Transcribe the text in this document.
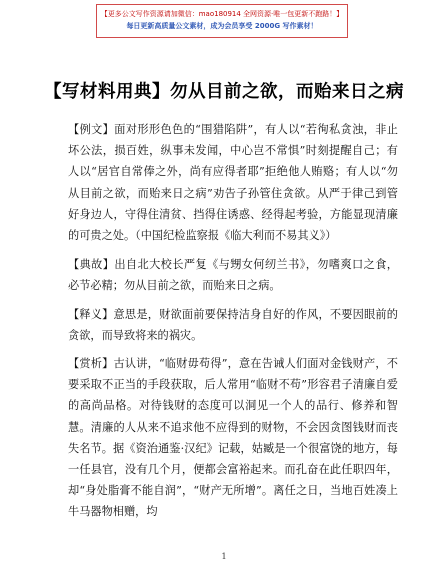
【更多公文写作资源请加微信：mao180914 全网资源·唯一包更新不跑路！】
每日更新高质量公文素材，成为会员享受 2000G 写作素材！
【写材料用典】勿从目前之欲，而贻来日之病

【例文】面对形形色色的“围猎陷阱”，有人以“若徇私贪浊，非止坏公法，损百姓，纵事未发闻，中心岂不常惧”时刻提醒自己；有人以“居官自常俸之外，尚有应得者耶”拒绝他人贿赂；有人以“勿从目前之欲，而贻来日之病”劝告子孙管住贪欲。从严于律己到管好身边人，守得住清贫、挡得住诱惑、经得起考验，方能显现清廉的可贵之处。（中国纪检监察报《临大利而不易其义》）

【典故】出自北大校长严复《与甥女何纫兰书》，勿嗜爽口之食，必节必精；勿从目前之欲，而贻来日之病。

【释义】意思是，财欲面前要保持洁身自好的作风，不要因眼前的贪欲，而导致将来的祸灾。

【赏析】古认讲，“临财毋苟得”，意在告诫人们面对金钱财产，不要采取不正当的手段获取，后人常用“临财不苟”形容君子清廉自爱的高尚品格。对待钱财的态度可以洞见一个人的品行、修养和智慧。清廉的人从来不追求他不应得到的财物，不会因贪图钱财而丧失名节。据《资治通鉴·汉纪》记载，姑臧是一个很富饶的地方，每一任县官，没有几个月，便都会富裕起来。而孔奋在此任职四年，却“身处脂膏不能自润”，“财产无所增”。离任之日，当地百姓凑上牛马器物相赠，均

1
